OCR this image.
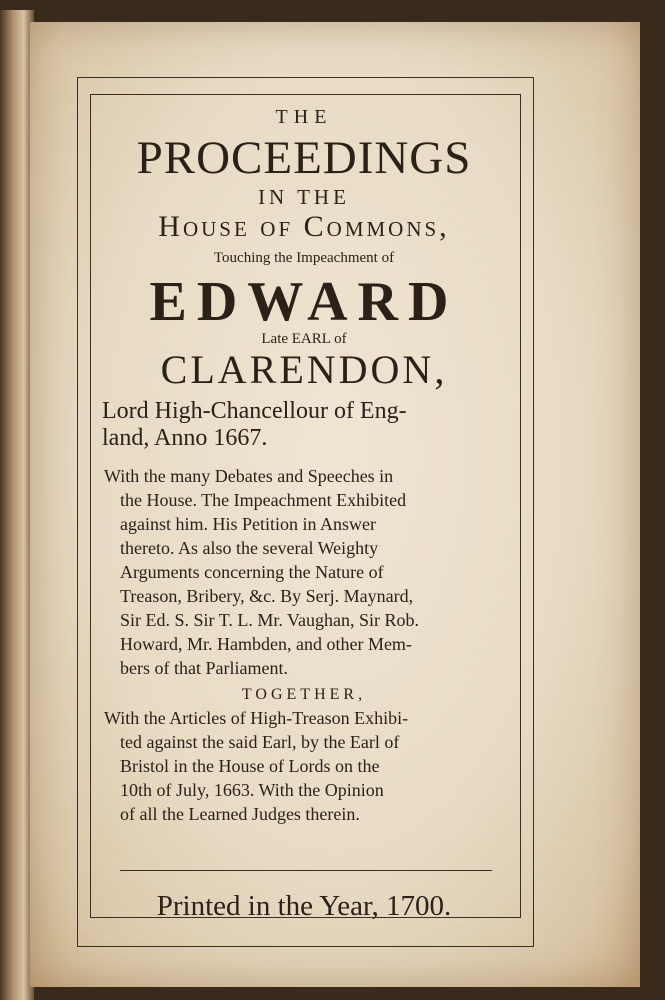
THE
PROCEEDINGS
IN THE
House of Commons,
Touching the Impeachment of
EDWARD
Late EARL of
CLARENDON,
Lord High-Chancellour of Eng-
land, Anno 1667.
With the many Debates and Speeches in
the House. The Impeachment Exhibited
against him. His Petition in Answer
thereto. As also the several Weighty
Arguments concerning the Nature of
Treason, Bribery, &c. By Serj. Maynard,
Sir Ed. S. Sir T. L. Mr. Vaughan, Sir Rob.
Howard, Mr. Hambden, and other Mem-
bers of that Parliament.
TOGETHER,
With the Articles of High-Treason Exhibi-
ted against the said Earl, by the Earl of
Bristol in the House of Lords on the
10th of July, 1663. With the Opinion
of all the Learned Judges therein.
Printed in the Year, 1700.
